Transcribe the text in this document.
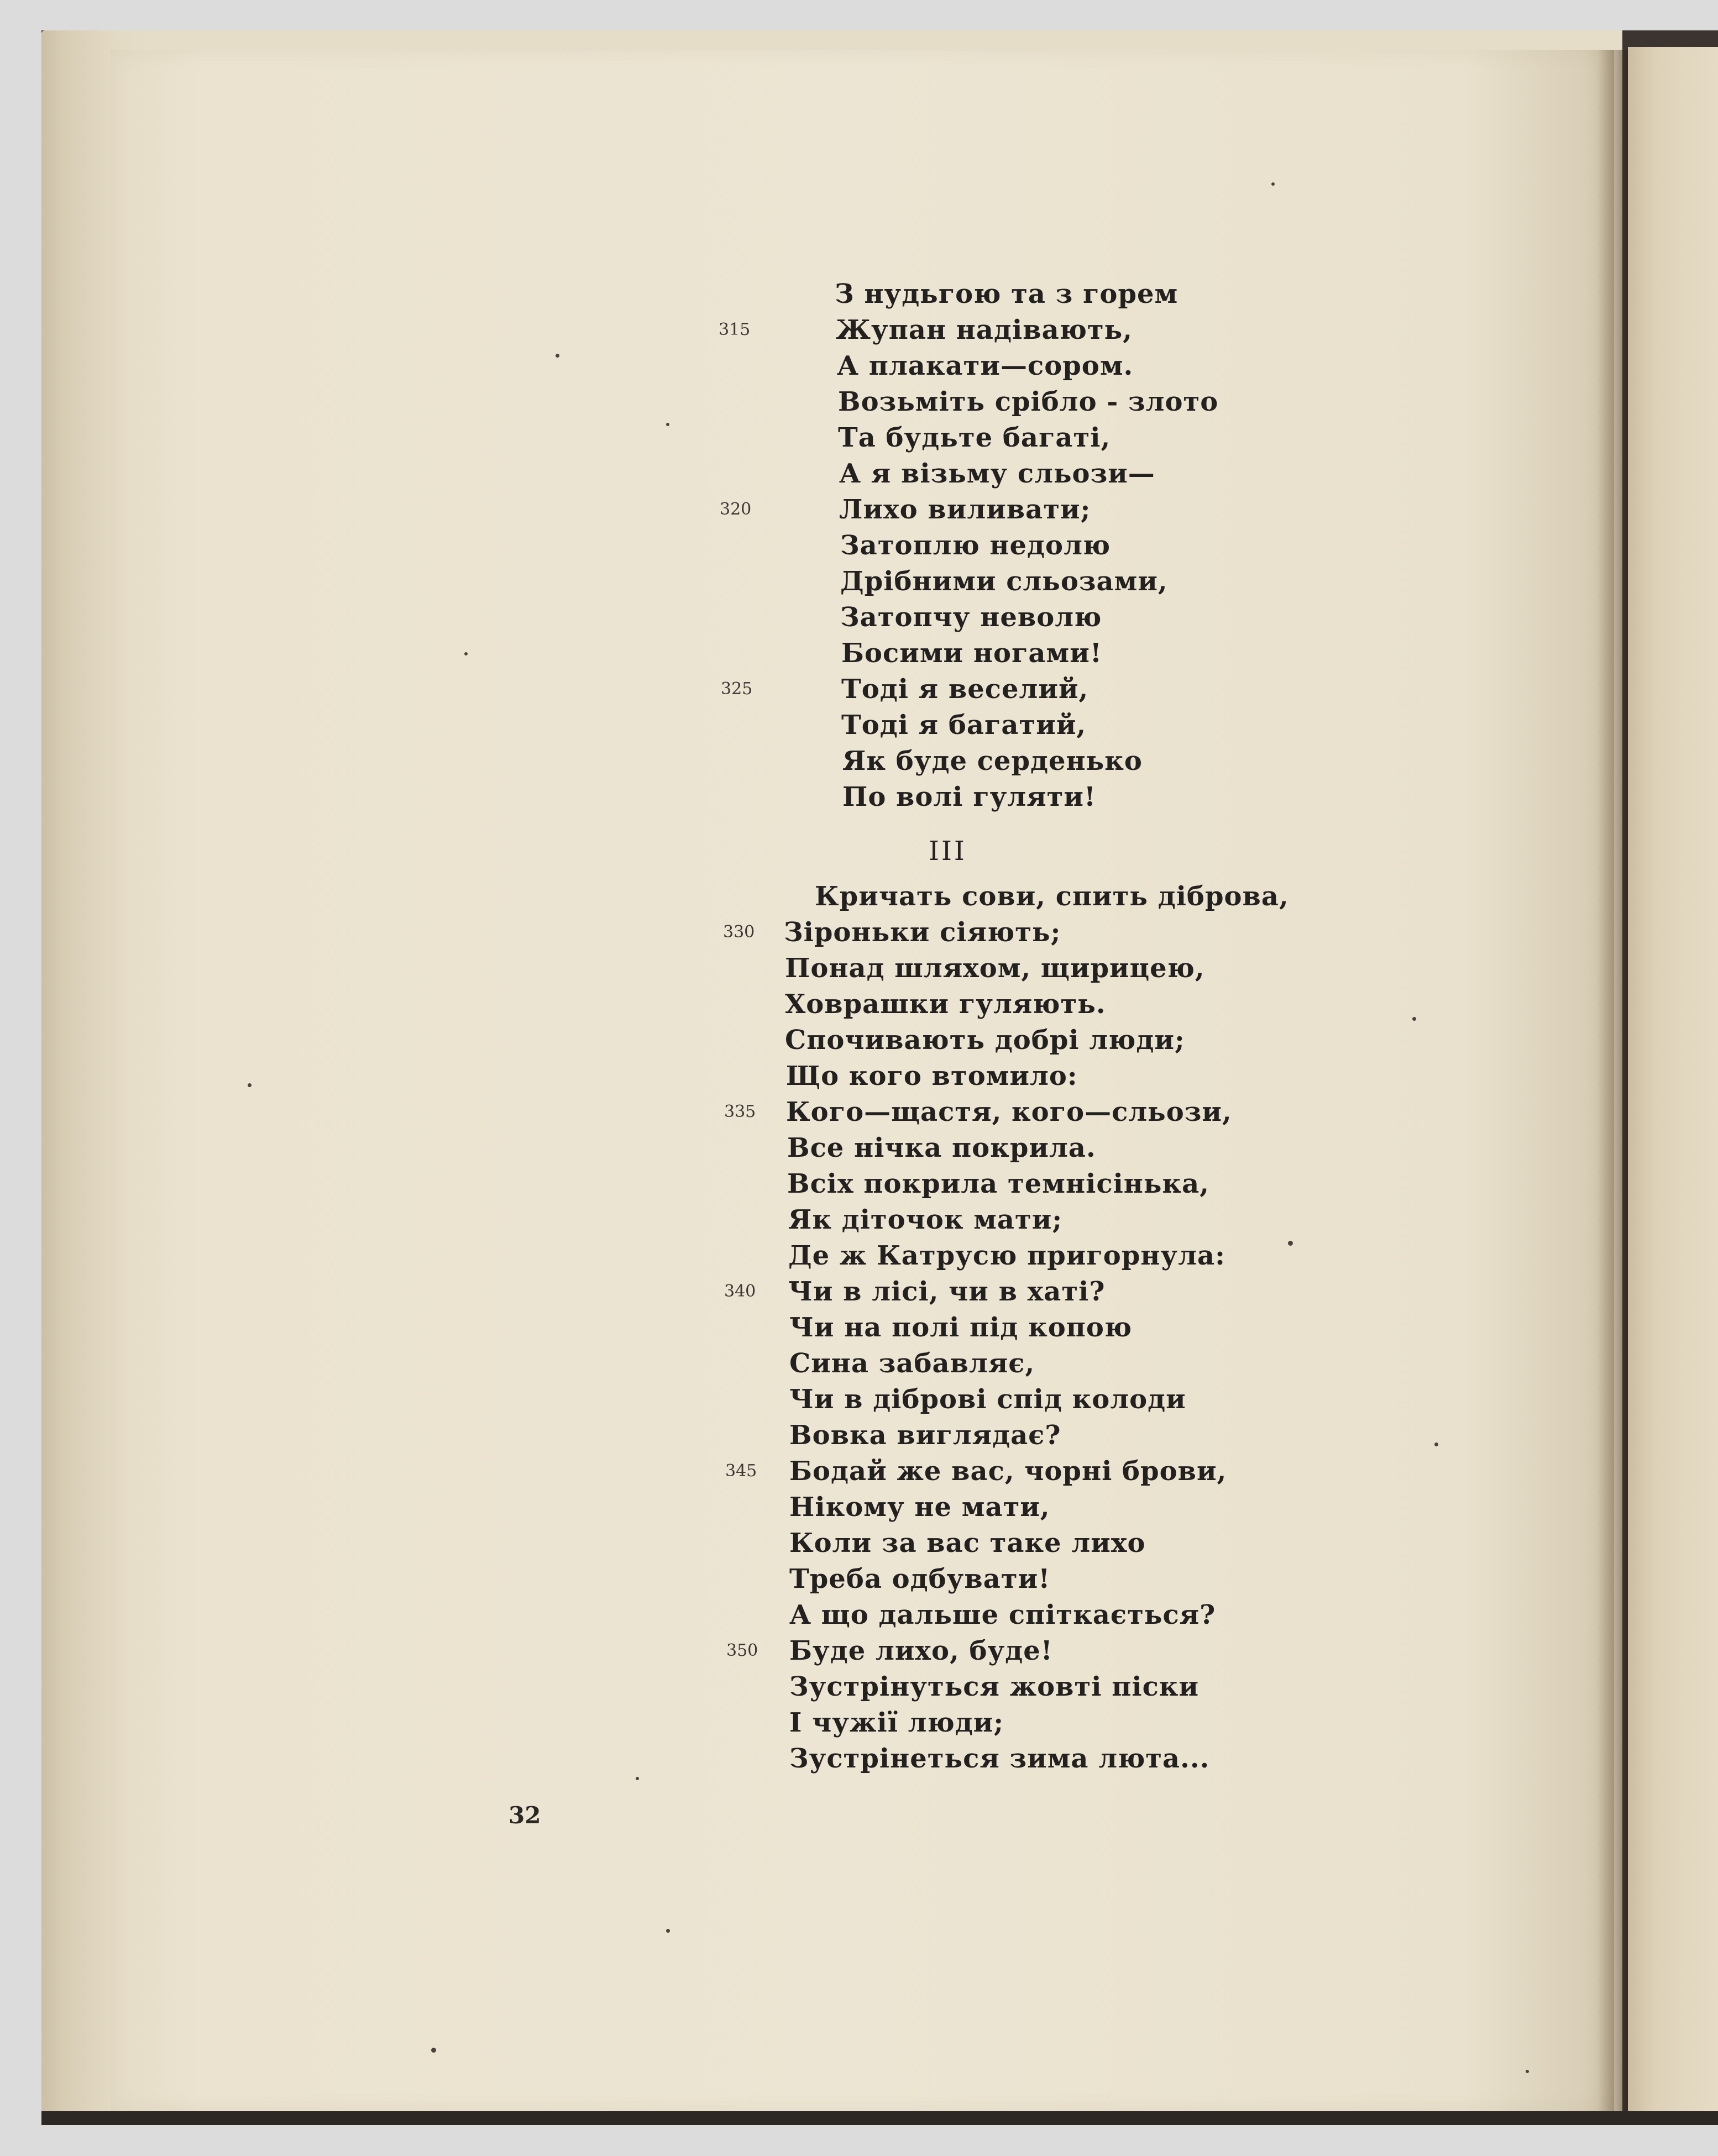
З нудьгою та з горем
315	Жупан надівають,
А плакати—сором.
Возьміть срібло - злото
Та будьте багаті,
А я візьму сльози—
320	Лихо виливати;
Затоплю недолю
Дрібними сльозами,
Затопчу неволю
Босими ногами!
325	Тоді я веселий,
Тоді я багатий,
Як буде серденько
По волі гуляти!
III
Кричать сови, спить діброва,
330	Зіроньки сіяють;
Понад шляхом, щирицею,
Ховрашки гуляють.
Спочивають добрі люди;
Що кого втомило:
335	Кого—щастя, кого—сльози,
Все нічка покрила.
Всіх покрила темнісінька,
Як діточок мати;
Де ж Катрусю пригорнула:
340	Чи в лісі, чи в хаті?
Чи на полі під копою
Сина забавляє,
Чи в діброві спід колоди
Вовка виглядає?
345	Бодай же вас, чорні брови,
Нікому не мати,
Коли за вас таке лихо
Треба одбувати!
А що дальше спіткається?
350	Буде лихо, буде!
Зустрінуться жовті піски
І чужії люди;
Зустрінеться зима люта...
32
